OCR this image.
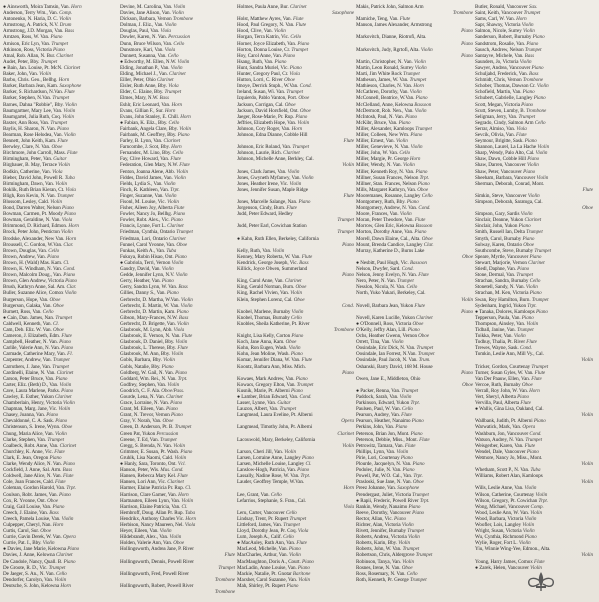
● Ainsworth, Moira Tamsin, Van. Horn
Anderson, Terry Wm., Van. Comp.
Antonenko, N. Haria, D. C. Violin
Armstrong, A. Patrick, N.V. Drum
Armstrong, J.D. Morgan, Van. Bass
Arntzen, Ross, W. Van. Piano
Arnison, Eric Lyn, Van. Trumpet
Atkinson, Ross, Victoria Piano
Atnal, Rob. Allan, N. Bur. Clarinet
Audet, Peter, Bby. Trumpet
● Bain, Jan. Louise, Pt. McN. Clarinet
Baker, John, Van. Violin
Barbo, Chris. Geo., Bellhg. Horn
Barker, Barbara Jean, Kam. Saxophone
Barker, S. Richardson, N.Van. Flute
Barker, Stephen, N.Van. Trumpet
Barnes, Dahna "Robbie", Bby. Violin
Baumgartner, Mary Lee, Van. Violin
Baumgartel, Julia Ruth, Coq. Violin
Baxter, Ann Ross, Van. Trumpet
Baylis, H. Sharon, N. Van. Piano
Bearman, Rose Helodea, Van. Violin
Bennett, John Keith, Kam. Flute
Berwley, Clare, N. Van. Oboe
Birchmore, John Carroll, Mass. Flute
Birmingham, Peter, Van. Guitar
Birgbauer, B. May, Terrace Violin
Bodkin, Catherine, Van. Viola
Bieber, David John, Powell R. Tuba
Birmingham, Dawn, Van. Violin
Boklik, Ruth Brian Kieran, Ct. Viola
Bligh, Ron Kevin, N. Van. Trumpet
Blossom, Lesley, Cald. Violin
Bond, Darren Walter, Nelson Piano
Bowman, Carmen, Pt. Moody Piano
Bowman, Geraldine, N. Van. Viola
Brimmond, D. Richard, Edmon. Horn
Brock, Peter John, Penticton Violin
Brodske, Alexander, New Van. Horn
Broussell, C. Gordon, W.Van. Clar.
Brown, Douglas, Van. Cello
Brown, Andrew, Van. Piano
Brown, H. (Wald) Mas. Kam. Cl.
Brown, K. Windham, N. Van. Cond.
Brown, Malcolm Doug., Van. Piano
Brown, Glen Andrew, Victoria Piano
Brush, Kathryn Anne, Sal. Am. Clar.
Buller, Suzanne Alice, Comox Violin
Burgerson, Hope, Van. Oboe
Burgerson, Galaka, Van. Oboe
Burnett, Ross, Van. Cello
● Cain, Dan. James, Nan. Trumpet
Caldwell, Kenneth, Van. Cl.
Cam, Deb. Eliz. W. Van. Oboe
Cameron, J. Elizabeth, Edm. Flute
Campbell, Heather, N. Van. Piano
Carlile, Valerie Ann, N. Van. Piano
Carmade, Catherine Mary, Van. Fl.
Carpenter, Andrew, Van. Trumpet
Carruthers, J. Jane, Van. Trumpet
Cardinelli, Elaine, N. Van. Clarinet
Carson, Peter Bruce, Van. Piano
Carter, Eliz. (Beth) D., Van. Violin
Cave, Laura Marlene, Parks. Piano
Cawley, E. Esther, Yukon Clarinet
Chamberlain, Henry, Victoria Violin
Chapman, Marg. Jane, Vic. Violin
Chasey, Joanna, Van. Piano
Chevaldonné, C. A. Sask. Piano
Christenson, S. Irene, Wynn. Oboe
Chung, Maria Alice, Van. Violin
Clarke, Stephen, Van. Trumpet
Coalbeck, Robt. Anne, Van. Clarinet
Churchley, K. Anne, Vic. Flute
Clark, E. Jean, Oregon Piano
Clarke, Wendy Alice, N. Van. Piano
Cockfield, J. Anne, Sal. Arm. Bass
Coldwell, Jane Alice, N. Van. Flute
Cole, Joan Frances, Cald. Flute
Coleman, Gordon Harold, Van. Trpt.
Coulson, Robt. James, Van. Piano
Cox, R. Yvonne, Ont. Oboe
Craig, Gail Louise, Van. Piano
Creech, J. Elaine, Van. Bass
Creech, Pamela Louise, Van. Violin
Culpepper, Cheryl, Nan. Horn
Curtis, Carol, Sur. Oboe
Currie, Gavin Derek, W. Van. Opera
Currie, Pat. I., Bby. Violin
● Davies, Jane Marie, Kelowna Piano
Davies, J. Anne, Kelowna Clarinet
De Candole, Nancy, Quall. B. Piano
De Groote, R. D., Vic. Trumpet
De Jaeger, S. An., N. Van. Cello
Dendorfer, Carolyn, Van. Violin
Deutsche, S. John, Kelowna Horn
Devine, M. Carolina, Van. Violin
Davies, Jane Alison, Van. Violin
Dickson, Barbara, Vernon Trombone
Dolman, J. Eliz., Van. Violin
Douglas, Paul, Van. Viola
Dowler, Karen, N. Van. Percussion
Dunn, Bruce Wilson, Van. Cello
Dunsmore, Kari, Van. Viola
Dunnett, Susanna, Van. Cello
● Edworthy, M. Ellen, N.W. Violin
Elding, Jonathan P., Van. Violin
Elding, Michael J., Van. Clarinet
Eiller, Peter, Ohio Clarinet
Eisler, Ruth Anne, Bby. Viola
Elder, C. Elaine, Bby. Trumpet
Elmes, Mary, N.W. Bass
Eshlr, Eric Leonard, Van. Horn
Evans, Gillian F., Sur. Horn
Evans, John Stanley, E. Chill. Horn
● Fabian, K. Eliz., Bby. Cello
Fairbank, Angela Clare, Bby. Violin
Fairbank, M. Geoffrey, Bby. Piano
Farley, B. Lynn, Van. Clarinet
Farncombe, J. Scot, Bby. Horn
Fernandez, M. Lino, Bby. Cello
Fay, Clive Howard, Van. Flute
Federation, Glen Mary, N.W. Flute
Fenton, Joanna Alene, Abb. Violin
Fiddes, David James, Van. Violin
Fields, Lydia S., Van. Violin
Finch, R. Kathleen, Van. Trpt.
Finger, Suzanne, Van. Violin
Fisonl, M. Louise, Vic. Violin
Fisher, Aileen Joy, Alberta Flute
Fowler, Nancy Jo, Bellhg. Piano
Fowler, Robt. Alex., Vic. Piano
Francis, Lynne, Fort L. Clarinet
Friedman, Cynthia, Ontario Trumpet
Friedman, Lori, Ontario Clarinet
Funnel, Carol Yvonne, Van. Oboe
Funkas, Keith A., Van. Tuba
Fukuya, Robin Hisao, Ont. Piano
● Gabriola, Terri, Vernon Violin
Gaudry, David, Van. Violin
Gedde, Jennifer Lynn, N.V. Violin
Gerry, Heather, Van. Piano
Gerry, Sandra Lynn, W. Van. Bass
Gillies, Danny S., Van. Piano
Gerbrecht, D. Martha, W.Van. Violin
Gerbrecht, E. Martin, W. Van. Violin
Gerbrecht, D. Martin, Kam. Piano
Gibson, Mary-Frances, N.W. Bass
Gerbrecht, D. Brigette, Van. Violin
Glasbrook, M. Lynn, Abb. Viola
Glasbrook, E. Vernon, N. Van. Flute
Glasbrook, D. Daniel, Bby. Violin
Glasbrook, L. Therese, Bby. Flute
Glasbrook, M. Ann, Bby. Violin
Gobls, Barbara, Bby. Violin
Gobls, Natalie, Bby. Piano
Goldberg, W. Gail, N. Van. Piano
Goddard, Wm. Rei., N. Van. Trpt.
Godfrey, Stephen, Van. Violin
Goodrich, C. F. Ala. Oboe/Pass.
Gourde, Lena, N. Van. Clarinet
Grace, Lorraine, N. Van. Piano
Grant, M. Eileen, Van. Piano
Grant, N. Trevor, Vernon Piano
Gray, V. Norah, Van. Oboe
Green, D. Anderson, Pt. B. Trumpet
Green Pat, Yukon Percussion
Greene, T. Ed, Van. Trumpet
Gregg, S. Brenda, N. Van. Violin
Grimmer, E. Susan, Pt. Wash. Piano
Gruhlk, Lisa Naomi, Cald. Violin
● Hanly, Sara, Toronto, Ont. Vcl.
Hanson, Peter, Wis. Mus. Cond.
Hansen, Rebecca Mary Kel. Flute
Hansen, Lori Ann, Vic. Clarinet
Harmer, Elaine Patricia Pr. Rup. Cl.
Harrison, Clare Garner, Van. Horn
Hartnauten, Eileen Lynn, Van. Violin
Harrison, Elaine Patricia, Van. Cl.
Hembroff, Doug. Allan Pr. Rup. Tuba
Hendrikx, Anthony Charles Vic. Horn
Herbison, Nancy Maureen, Nel. Viola
Heyer, Eileen, Van. Violin
Hildebrandt, Alex., Van. Violin
Holden, Valerie Ann, Van. Oboe
Hollingsworth, Andrea Jane, P. River
Flute
Hollingsworth, Dennis, Powell River
Trumpet
Hollingsworth, Fred, Powell River
Trombone
Hollingsworth, Robert, Powell River
Trombone
Holmes, Paula Anne, Bur. Clarinet
Saxophone
Holst, Matthew Ayres, Van. Flute
Hood, Paul Gregory, N. Van. Flute
Hood, Clive, Van. Violin
Horgan, Terra Katrin, Vic. Cello
Horner, Joyce Elizabeth, Van. Piano
Horton, Donna Louise, Cr. Trumpet
Hoy, Carol Anne, Van. Piano
Hsang, Ruth, Van. Piano
Hunt, Sandra Muriel, Vic. Piano
Hunter, Gregory Paul, Cr. Viola
Hutton, Lorri, C. River Oboe
Imoye, Derrick Stuph., W.Van. Cond.
Ireland, Susan, Wi. Van. Trumpet
Izquierdo, Pablo Vanton, Port. Oboe
Jackson, Corrigan, Cal. Oboe
Jackson, David Horsfield, Ont. Oboe
Jaeger, Rose-Marie, Pr. Rup. Piano
Jeffries, Elizabeth Hope, Van. Violin
Johnson, Cory Roger, Van. Horn
Johnson, Edna Dianne, Cobble Hill
Flute
Johnson, Eric Roland, Van. Trumpet
Johnson, Laurie, Rich. Clarinet
Johnson, Michelle Anne, Berkley, Cal.
Violin
Jones, Clark James, Van. Violin
Jones, Gwyneth Myfanwy, Van. Violin
Jones, Heather Irene, Vic. Violin
Jones, Jennifer Susan, Maple Ridge
Flute
Jones, Marcelle Salange, Nan. Piano
Jorgenson, Cindy, Burn. Flute
Judd, Peter Edward, Hedley
Trumpet
Judd, Peter Earl, Cowichan Station
Trumpet
● Kahn, Ruth Ellen, Berkeley, California
Piano
Kelly, Ruth, Van. Violin
Kenney, Mary Roberta, W. Van. Flute
Kendrick, George Joseph, Vic. Bass
Killick, Joyce Olwen, Summerland
Piano
King, Carol Anne, Van. Clarinet
King, Gerald Norman, Burn. Oboe
King, Rachel Vivien, Van. Violin
Klein, Stephen Lorenz, Cal. Oboe
Cond.
Knobel, Marlene, Burnaby Violin
Knobel, Thomas, Burnaby Cello
Knobles, Sheila Katherine, Pt. River
Trombone
Knight, Lisa Kelly, Corton Piano
Koch, Jane Anna, Kam. Oboe
Kohn, Ron Eugen, Wash. Violin
Kohn, Jean Moline, Wash. Piano
Komar, Jennifer Diana, W. Van. Flute
Koontz, Barbara Ann, Miss. Mich.
Piano
Kowaes, Mark Andrew, Van. Piano
Kowacs, Gregory Elton, Van. Trumpet
Kusnik, Marie, Pt. Alberni Piano
● Lamber, Brian Edward, Van. Cond.
Lasser, Lynne, Van. Guitar
Lauzon, Albert, Van. Trumpet
Langmead, Laura Eveline, Pt. Alberni
Opera
Langmead, Timothy John, Pt. Alberni
Clarinet
Lacouwold, Mary, Berkeley, California
Violin
Larson, Cheri Jill, Van. Violin
Larsen, Lorraine Anne, Langley Piano
Larsen, Michelle Louise, Langley Cl.
Lanslow-Hogh, Patricia, Van. Piano
Lassally, Nadine Rose, W. Van. Trpt.
Lauder, Geoffrey Temple, W.Van.
Horn
Lee, Grant, Van. Cello
Lefarrios, Stephanie, S. Fran., Cal.
Viola
Leru, Carter, Vancouver Cello
Lindsay, Trent, Pr. Rupert Trumpet
Littleford, James, Van. Trumpet
Lloyd, Dorothy Jean, Pr. Coq. Viola
Lum, Joseph A., Calif. Cello
● MacAuley, Ruth Ann, Van. Flute
MacLeod, Michelle, Van. Piano
MacCharles, Arthur, Van. Violin
MacMaughton, Doris A., Court. Piano
MacLadin, Anne Louise, Van. Piano
Mackie, Natalie, Pt. Gnotar Baritone
Macsher, Carol Suzanne, Van. Violin
Mah, Shirley, Pt. Rupert Piano
Makis, Patrick John, Salmon Arm
Trombone
Mamiche, Teng, Van. Flute
Manson, James Alexander, Armstrong
Piano
Markovitch, Dianne, Riotrofi, Alta.
Piano
Markovitch, Judy, Rgrtofi, Alta. Violin
Piano
Martin, Christopher, N. Van. Violin
Martin, Leon Ronald, Surrey Violin
Marti, Jim White Rock Trumpet
Matheson, James, W. Van. Trumpet
Mathieson, Charles, N. Van. Horn
McCathren, Dorothy, Van. Violin
McConnell, Beatrice, W.Van. Piano
McClelland, Anne, Kelowna Bassoon
McDermott, Rob. Nen., Van. Violin
McIntosh, Paul, N. Van. Piano
McKibr, Bruce, Van. Piano
Miller, Alexander, Kamloops Trumpet
Miller, Colleen, New Wm. Piano
Miller, Ernest, Van. Violin
Miller, Genevieve, N. Van. Violin
Miller, John, W. Van. Cello
Miller, Margie, Pr. George Horn
Miller, Wendy, N. Van. Violin
Miller, Kenneth Roy, N. Van. Piano
Millner, Susan Frances, Nelson Trpt.
Millner, Stan. Frances, Nelson Piano
Mills, Margaret Kathryn, Van. Oboe
Mooremanes, Rosanne, Langley Cello
Montgomery, Ruth, Bby. Piano
Montgomery, Andrew, N. Van. Cond.
Moore, Frances, Van. Violin
Moran, Peter Theodore, Van. Flute
Morrow, Glen Eric, Kelowna Bassoon
Morton, Dorothy Anne, Van. Piano
Morell, Dawn Elaine, Cal., Alta. Oboe
Mount, Brenda Candice, Langley Clar.
Murray, Katherine D., Burns Lake
Oboe
● Nesbitt, Paul Hugh, Vic. Bassoon
Nelson, Dwyfer, Sard. Cond.
Nelson, Jenny Evelyn, N. Van. Flute
Nero, Peter, N. Van. Trumpet
Nesslon, Nicola, N. Van. Cello
North, Yuko Yukari, Berkeley, Cal.
Violin
Novell, Barbara Jean, Yukon Flute
Piano
Novell, Karen Lucille, Yukon Clarinet
● O'Donnell, Ross, Victoria Oboe
O'Kelly, Jeffry Alan, Lill. Piano
Ochs, Heather Gwenn, Vernon Oboe
Orrett, Tina, Van. Violin
Oosindale, Eric Dick, N. Van. Trumpet
Oosindale, Ian Forrest, N.Van. Trumpet
Oosindale, Paul Jacob, N. Van. Trum.
Oshanski, Barry David, 168 M. House
Piano
Owen, Jane E., Middleton, Ohio
Oboe
● Packer, Renna, Van. Trumpet
Paddock, Sarah, Van. Violin
Parkinson, Edward, Yukon Trpt.
Paulsen, Paul, W. Van. Cello
Pearson, Audrey, Van. Flute
Pearson, Heather, Nanaimo Piano
Perkins, John, Van. Piano
Peterson, Brian Jon, Mont. Piano
Peterson, Debbie, Miss., Mont. Flute
Petrowitz, Tamara, Van. Flute
Phillips, Lynn, Van. Violin
Pirie, Lori, Courtenay Piano
Plourde, Jacquelyn, N. Van. Piano
Podolec, Julie, N. Van. Piano
Powell, Pat, W.O. Cal., Van. Trpt.
Prasloski, Sue Jane, N. Van. Oboe
Preez Johanne, Van. Saxophone
Prendergast, Juliet, Victoria Trumpet
● Rapii, Frederic, Powell River Trpt.
Rankin, Wendy, Nanaimo Piano
Reeve, Dorothy, Vancouver Piano
Rector, Allan, Vic. Piano
Richter, Alan, Victoria Violin
Rivett, Jennifer, Burnaby Trumpet
Roberts, Andrea, Victoria Violin
Roberts, Karin, Bby. Violin
Roberts, John, W. Van. Trumpet
Robertson, Chris, Aldergrove Trumpet
Robinson, Tanya, Van. Violin
Rosnes, Irene, N. Van. Oboe
Ross, Rosemary, N. Van. Cello
Roth, Kenneth, Pr. George Trumpet
Butler, Ronald, Vancouver Sax.
Saint, Keith, Vancouver Trumpet
Sams, Carl, W. Van. Horn
Sapr, Shawny, Victoria Violin
Salmon, Nicole, Surrey Violin
Sanderson, Robert, Burnaby Piano
Sandstrom, Rosalie, Van. Piano
Sausch, Andrew, Nelson Trumpet
Santayve, Michele, Van. Bass
Saunders, Jo, Victoria Violin
Sawyer, Andrea, Vancouver Piano
Schuljahd, Frederick, Van. Bass
Schmidt, Chris, Vernon Trombone
Schober, Thomas, Dawson Cr. Violin
Schofield, Martin, Van. Piano
Schubert, Gabrielle, Langley Piano
Scott, Megan, Victoria Piano
Scutt, Steven, Lumby, B. Trombone
Seligman, Jerry, Van. Trumpet
Segrado, Cindy, Salmon Arm Cello
Serrar, Almiso, Van. Viola
Sevcik, Olivia, Van. Flute
Seymour, Brigitte, Sask. Piano
Shannon, Laurel, La La Hache Violin
Sharp, Wendy, Palo Alto, Cal. Violin
Shaw, Dawn, Cobble Hill Piano
Shaw, Darren, Vancouver Violin
Shaw, Peter, Vancouver Piano
Sheeham, Barbara, Vancouver Violin
Sherman, Deborah, Conrad, Mont.
Flute
Simkin, Steve, Vancouver Violin
Simpson, Deborah, Saratoga, Cal.
Oboe
Simpson, Gary, Sardis Violin
Sinclair, Deanne, Yukon Clarinet
Sinclair, John, Yukon Piano
Smith, Russell Ian, Delta Trumpet
Smyth, Carol, Burnaby Piano
Solway, Karen, Ontario Oboe
Southcombe, Steve, Burnaby Trumpet
Speare, Myrtle, Vancouver Piano
Stewart, Marjorie, Vernon Clarinet
Stiedl, Daphne, Van. Piano
Stone, Dermal, Van. Trumpet
Strachan, Sandra, Burnaby Cello
Stonetell, Sandy, N. Van. Violin
Strachan, M. Ken, Victoria Piano
Swan, Roy Hamilton, Burn. Trumpet
Sydenham, Ingrid, Yukon Trpt.
● Tanaka, Dolores, Kamloops Piano
Tepperson, Paula, Van. Piano
Thompson, Ainsley, Van. Violin
Tidball, Janine, Van. Trumpet
Toikka, Peter, Van. Violin
Todhuy, Thalia, Pt. River Flute
Trewes, Wayne, Sask. Cond.
Tomkin, Leslie Ann, Mill Vy., Cal.
Violin
Tricker, Gordon, Courtenay Trumpet
Turner, Susan Gyles, W. Van. Flute
Van Der Paauw, Ellen, Van. Flute
Vercoe, Ruth, Burnaby Oboe
Verrall, Roy John, W. Van. Horn
Vert, Sheryl, Alberta Piano
Vervilla, Paul, Alberta Flute
● Wallis, Gina Lisa, Oakland, Cal.
Violin
Wallbank, Judith, Pt. Alberni Piano
Warwatick, Mark, Van. Opera
Washburn, Jon, Vancouver Cond.
Watson, Audrey, N. Van. Trumpet
Weisgerber, Karen, Van. Flute
Wendel, Dale, Vancouver Piano
Wetmore, Nancy Jo, Miss., Mont.
Violin
Whetham, Scott P., N. Van. Tuba
Williams, Robert Alan, Kamloops
Violin
Wills, Leslie Anne, Van. Violin
Wilson, Catherine, Courtenay Violin
Wilson, Gregory, Pt. Cowichan Trpt.
Wong, Michael, Vancouver Comp.
Wood, Leslie Ann, W. Van. Violin
Wood, Barbara, Victoria Violin
Woofler, Lois, Langley Violin
Wright, Susan, Victoria Violin
Wu, Cynthia, Richmond Piano
Wylie, Roger, Fort L. Violin
Yiu, Winnie Wing-Yee, Edmon., Alta.
Violin
Young, Harry James, Comox Flute
● Zarek, Helen, Vancouver Violin
